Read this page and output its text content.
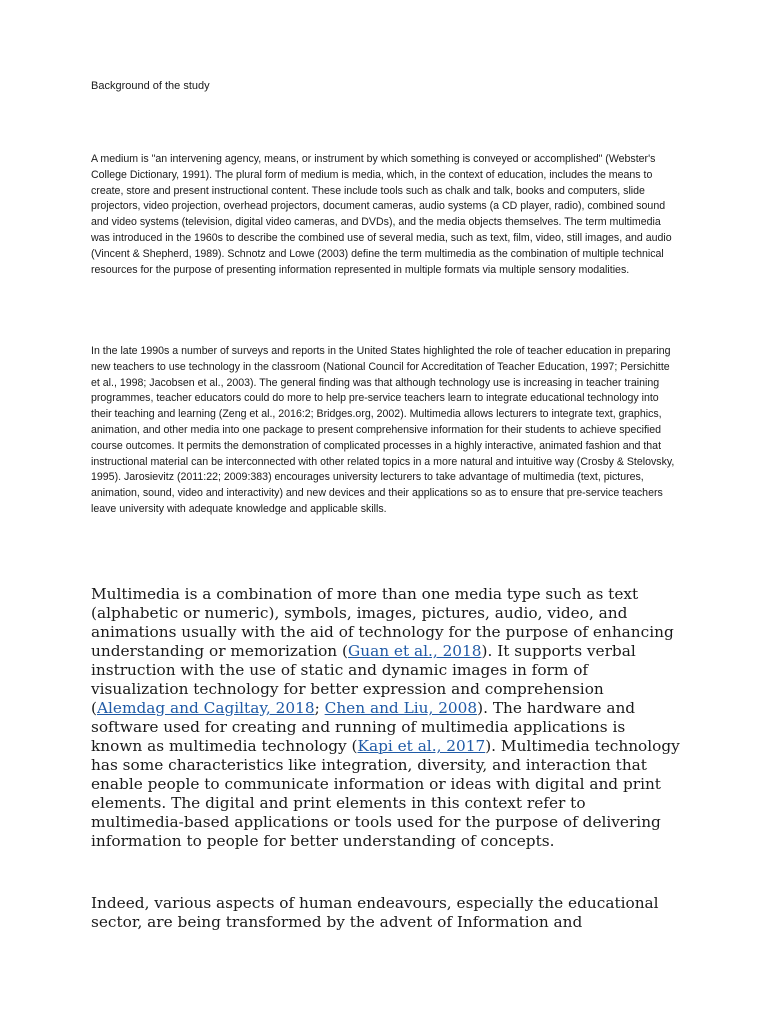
Background of the study

A medium is "an intervening agency, means, or instrument by which something is conveyed or accomplished" (Webster's College Dictionary, 1991). The plural form of medium is media, which, in the context of education, includes the means to create, store and present instructional content. These include tools such as chalk and talk, books and computers, slide projectors, video projection, overhead projectors, document cameras, audio systems (a CD player, radio), combined sound and video systems (television, digital video cameras, and DVDs), and the media objects themselves. The term multimedia was introduced in the 1960s to describe the combined use of several media, such as text, film, video, still images, and audio (Vincent & Shepherd, 1989). Schnotz and Lowe (2003) define the term multimedia as the combination of multiple technical resources for the purpose of presenting information represented in multiple formats via multiple sensory modalities.

In the late 1990s a number of surveys and reports in the United States highlighted the role of teacher education in preparing new teachers to use technology in the classroom (National Council for Accreditation of Teacher Education, 1997; Persichitte et al., 1998; Jacobsen et al., 2003). The general finding was that although technology use is increasing in teacher training programmes, teacher educators could do more to help pre-service teachers learn to integrate educational technology into their teaching and learning (Zeng et al., 2016:2; Bridges.org, 2002). Multimedia allows lecturers to integrate text, graphics, animation, and other media into one package to present comprehensive information for their students to achieve specified course outcomes. It permits the demonstration of complicated processes in a highly interactive, animated fashion and that instructional material can be interconnected with other related topics in a more natural and intuitive way (Crosby & Stelovsky, 1995). Jarosievitz (2011:22; 2009:383) encourages university lecturers to take advantage of multimedia (text, pictures, animation, sound, video and interactivity) and new devices and their applications so as to ensure that pre-service teachers leave university with adequate knowledge and applicable skills.

Multimedia is a combination of more than one media type such as text (alphabetic or numeric), symbols, images, pictures, audio, video, and animations usually with the aid of technology for the purpose of enhancing understanding or memorization (Guan et al., 2018). It supports verbal instruction with the use of static and dynamic images in form of visualization technology for better expression and comprehension (Alemdag and Cagiltay, 2018; Chen and Liu, 2008). The hardware and software used for creating and running of multimedia applications is known as multimedia technology (Kapi et al., 2017). Multimedia technology has some characteristics like integration, diversity, and interaction that enable people to communicate information or ideas with digital and print elements. The digital and print elements in this context refer to multimedia-based applications or tools used for the purpose of delivering information to people for better understanding of concepts.

Indeed, various aspects of human endeavours, especially the educational sector, are being transformed by the advent of Information and
